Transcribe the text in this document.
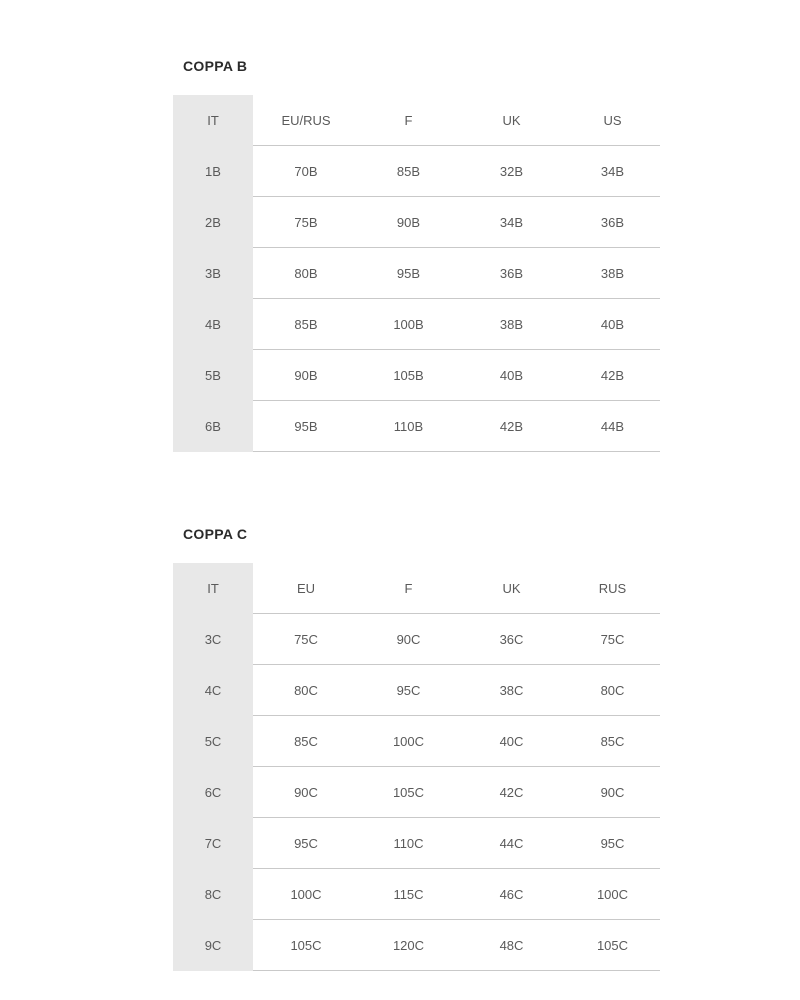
COPPA B
IT	EU/RUS	F	UK	US
1B	70B	85B	32B	34B
2B	75B	90B	34B	36B
3B	80B	95B	36B	38B
4B	85B	100B	38B	40B
5B	90B	105B	40B	42B
6B	95B	110B	42B	44B
COPPA C
IT	EU	F	UK	RUS
3C	75C	90C	36C	75C
4C	80C	95C	38C	80C
5C	85C	100C	40C	85C
6C	90C	105C	42C	90C
7C	95C	110C	44C	95C
8C	100C	115C	46C	100C
9C	105C	120C	48C	105C
